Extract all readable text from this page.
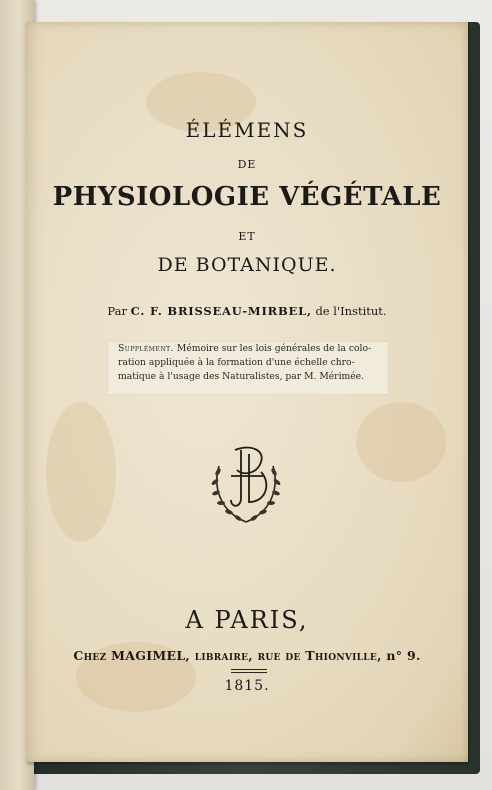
ÉLÉMENS
DE
PHYSIOLOGIE VÉGÉTALE
ET
DE BOTANIQUE.
Par C. F. BRISSEAU-MIRBEL, de l'Institut.

Supplément. Mémoire sur les lois générales de la colo-

ration appliquée à la formation d'une échelle chro-

matique à l'usage des Naturalistes, par M. Mérimée.

A PARIS,
Chez MAGIMEL, libraire, rue de Thionville, n° 9.
1815.
